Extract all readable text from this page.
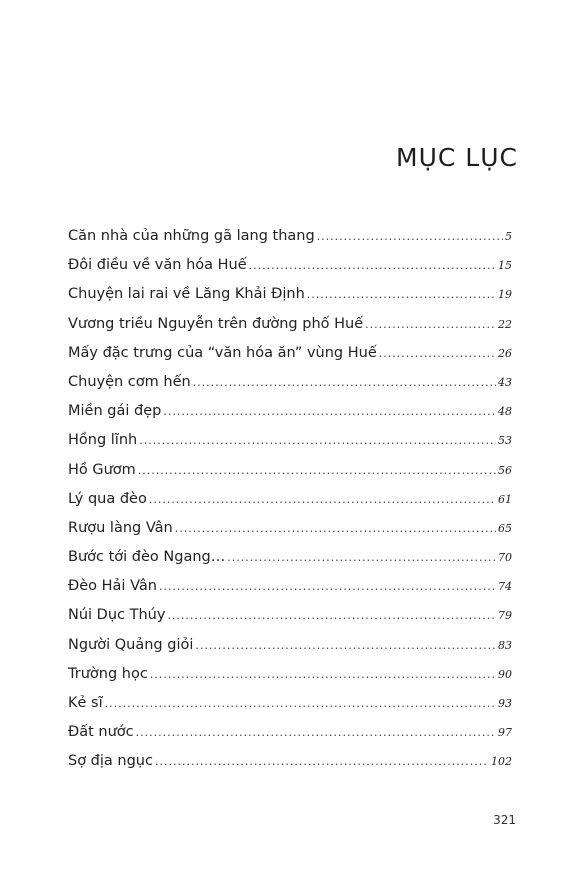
MỤC LỤC
Căn nhà của những gã lang thang .....	5
Đôi điều về văn hóa Huế .....	15
Chuyện lai rai về Lăng Khải Định .....	19
Vương triều Nguyễn trên đường phố Huế .....	22
Mấy đặc trưng của “văn hóa ăn” vùng Huế .....	26
Chuyện cơm hến .....	43
Miền gái đẹp .....	48
Hồng lĩnh .....	53
Hồ Gươm .....	56
Lý qua đèo .....	61
Rượu làng Vân .....	65
Bước tới đèo Ngang… .....	70
Đèo Hải Vân .....	74
Núi Dục Thúy .....	79
Người Quảng giỏi .....	83
Trường học .....	90
Kẻ sĩ .....	93
Đất nước .....	97
Sợ địa ngục .....	102
321
